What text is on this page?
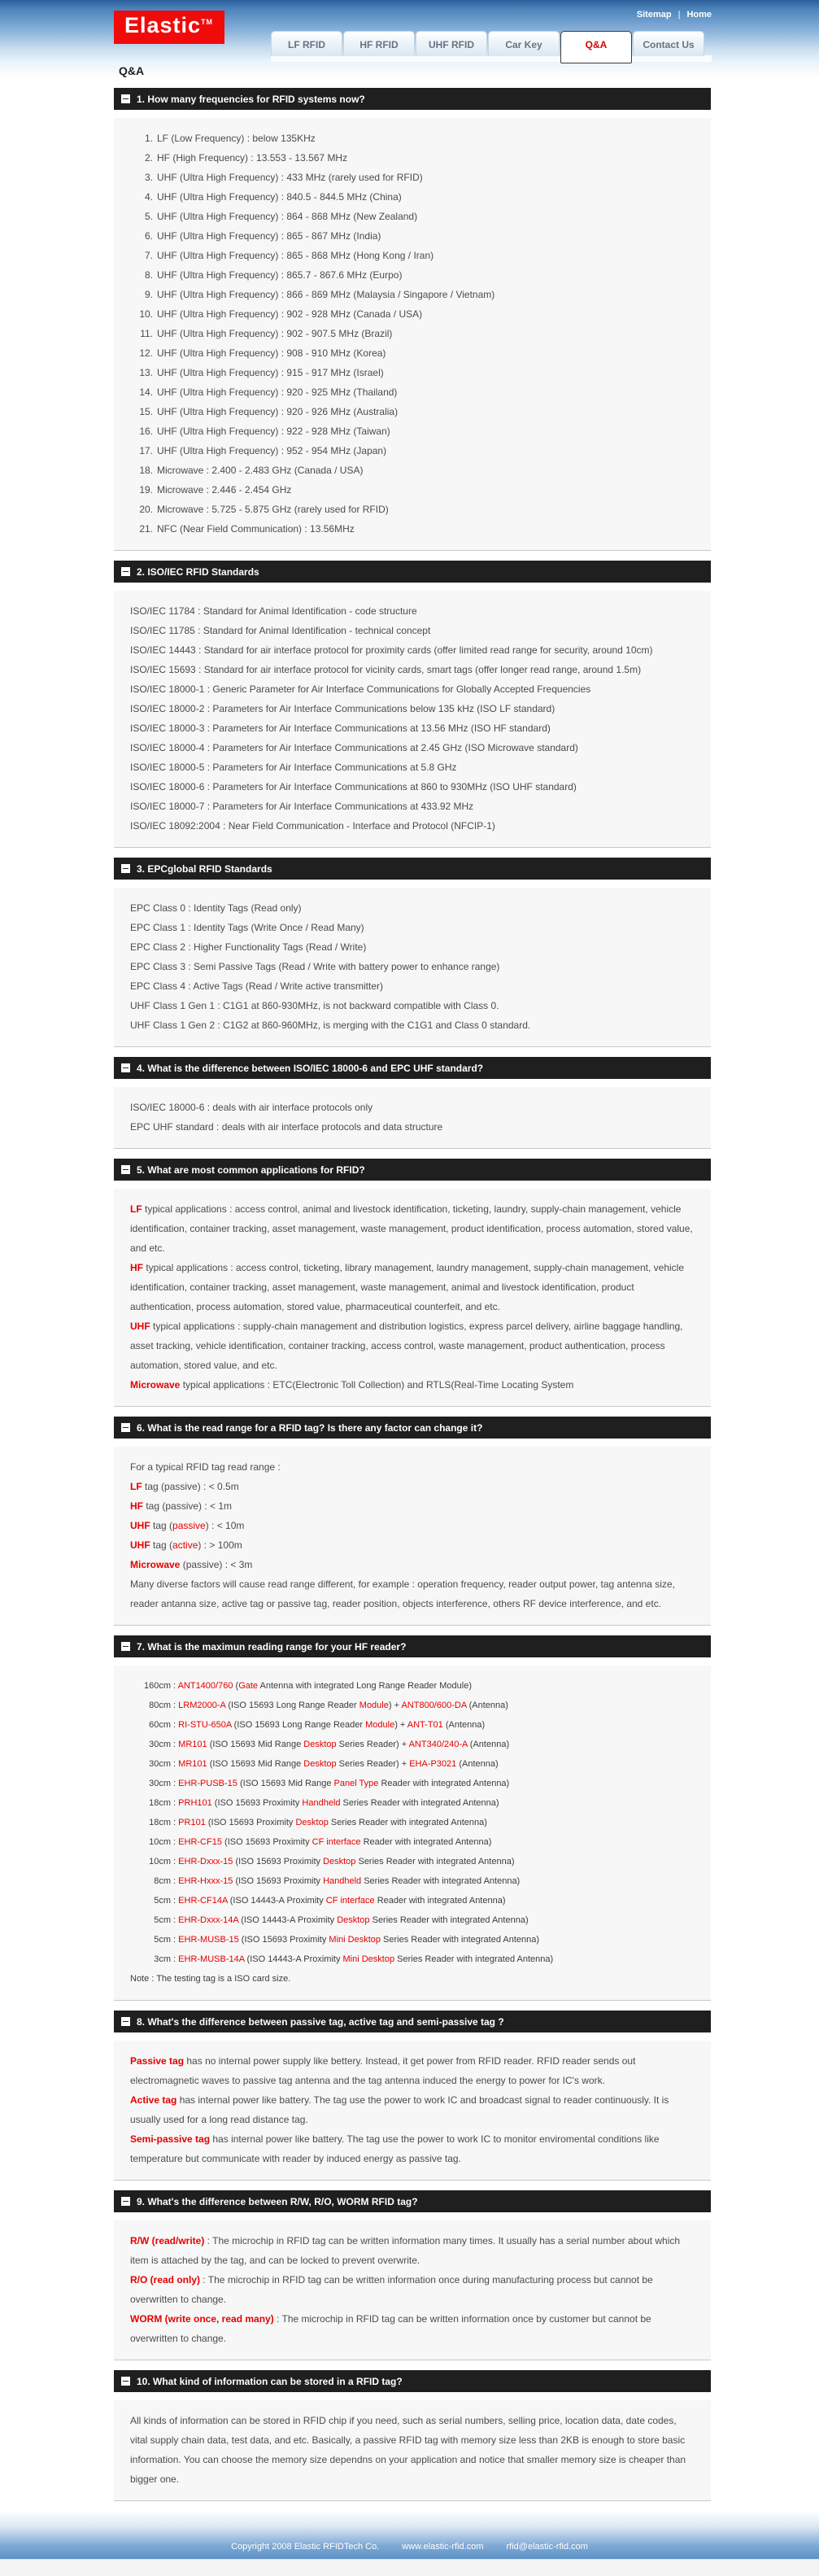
Elastic™
Sitemap | Home
LF RFID	HF RFID	UHF RFID	Car Key	Q&A	Contact Us
Q&A
1. How many frequencies for RFID systems now?
1. LF (Low Frequency) : below 135KHz
2. HF (High Frequency) : 13.553 - 13.567 MHz
3. UHF (Ultra High Frequency) : 433 MHz (rarely used for RFID)
4. UHF (Ultra High Frequency) : 840.5 - 844.5 MHz (China)
5. UHF (Ultra High Frequency) : 864 - 868 MHz (New Zealand)
6. UHF (Ultra High Frequency) : 865 - 867 MHz (India)
7. UHF (Ultra High Frequency) : 865 - 868 MHz (Hong Kong / Iran)
8. UHF (Ultra High Frequency) : 865.7 - 867.6 MHz (Eurpo)
9. UHF (Ultra High Frequency) : 866 - 869 MHz (Malaysia / Singapore / Vietnam)
10. UHF (Ultra High Frequency) : 902 - 928 MHz (Canada / USA)
11. UHF (Ultra High Frequency) : 902 - 907.5 MHz (Brazil)
12. UHF (Ultra High Frequency) : 908 - 910 MHz (Korea)
13. UHF (Ultra High Frequency) : 915 - 917 MHz (Israel)
14. UHF (Ultra High Frequency) : 920 - 925 MHz (Thailand)
15. UHF (Ultra High Frequency) : 920 - 926 MHz (Australia)
16. UHF (Ultra High Frequency) : 922 - 928 MHz (Taiwan)
17. UHF (Ultra High Frequency) : 952 - 954 MHz (Japan)
18. Microwave : 2.400 - 2.483 GHz (Canada / USA)
19. Microwave : 2.446 - 2.454 GHz
20. Microwave : 5.725 - 5.875 GHz (rarely used for RFID)
21. NFC (Near Field Communication) : 13.56MHz
2. ISO/IEC RFID Standards
ISO/IEC 11784 : Standard for Animal Identification - code structure
ISO/IEC 11785 : Standard for Animal Identification - technical concept
ISO/IEC 14443 : Standard for air interface protocol for proximity cards (offer limited read range for security, around 10cm)
ISO/IEC 15693 : Standard for air interface protocol for vicinity cards, smart tags (offer longer read range, around 1.5m)
ISO/IEC 18000-1 : Generic Parameter for Air Interface Communications for Globally Accepted Frequencies
ISO/IEC 18000-2 : Parameters for Air Interface Communications below 135 kHz (ISO LF standard)
ISO/IEC 18000-3 : Parameters for Air Interface Communications at 13.56 MHz (ISO HF standard)
ISO/IEC 18000-4 : Parameters for Air Interface Communications at 2.45 GHz (ISO Microwave standard)
ISO/IEC 18000-5 : Parameters for Air Interface Communications at 5.8 GHz
ISO/IEC 18000-6 : Parameters for Air Interface Communications at 860 to 930MHz (ISO UHF standard)
ISO/IEC 18000-7 : Parameters for Air Interface Communications at 433.92 MHz
ISO/IEC 18092:2004 : Near Field Communication - Interface and Protocol (NFCIP-1)
3. EPCglobal RFID Standards
EPC Class 0 : Identity Tags (Read only)
EPC Class 1 : Identity Tags (Write Once / Read Many)
EPC Class 2 : Higher Functionality Tags (Read / Write)
EPC Class 3 : Semi Passive Tags (Read / Write with battery power to enhance range)
EPC Class 4 : Active Tags (Read / Write active transmitter)
UHF Class 1 Gen 1 : C1G1 at 860-930MHz, is not backward compatible with Class 0.
UHF Class 1 Gen 2 : C1G2 at 860-960MHz, is merging with the C1G1 and Class 0 standard.
4. What is the difference between ISO/IEC 18000-6 and EPC UHF standard?
ISO/IEC 18000-6 : deals with air interface protocols only
EPC UHF standard : deals with air interface protocols and data structure
5. What are most common applications for RFID?
LF typical applications : access control, animal and livestock identification, ticketing, laundry, supply-chain management, vehicle identification, container tracking, asset management, waste management, product identification, process automation, stored value, and etc.
HF typical applications : access control, ticketing, library management, laundry management, supply-chain management, vehicle identification, container tracking, asset management, waste management, animal and livestock identification, product authentication, process automation, stored value, pharmaceutical counterfeit, and etc.
UHF typical applications : supply-chain management and distribution logistics, express parcel delivery, airline baggage handling, asset tracking, vehicle identification, container tracking, access control, waste management, product authentication, process automation, stored value, and etc.
Microwave typical applications : ETC(Electronic Toll Collection) and RTLS(Real-Time Locating System
6. What is the read range for a RFID tag? Is there any factor can change it?
For a typical RFID tag read range :
LF tag (passive) : < 0.5m
HF tag (passive) : < 1m
UHF tag (passive) : < 10m
UHF tag (active) : > 100m
Microwave (passive) : < 3m
Many diverse factors will cause read range different, for example : operation frequency, reader output power, tag antenna size, reader antanna size, active tag or passive tag, reader position, objects interference, others RF device interference, and etc.
7. What is the maximun reading range for your HF reader?
160cm : ANT1400/760 (Gate Antenna with integrated Long Range Reader Module)
80cm : LRM2000-A (ISO 15693 Long Range Reader Module) + ANT800/600-DA (Antenna)
60cm : RI-STU-650A (ISO 15693 Long Range Reader Module) + ANT-T01 (Antenna)
30cm : MR101 (ISO 15693 Mid Range Desktop Series Reader) + ANT340/240-A (Antenna)
30cm : MR101 (ISO 15693 Mid Range Desktop Series Reader) + EHA-P3021 (Antenna)
30cm : EHR-PUSB-15 (ISO 15693 Mid Range Panel Type Reader with integrated Antenna)
18cm : PRH101 (ISO 15693 Proximity Handheld Series Reader with integrated Antenna)
18cm : PR101 (ISO 15693 Proximity Desktop Series Reader with integrated Antenna)
10cm : EHR-CF15 (ISO 15693 Proximity CF interface Reader with integrated Antenna)
10cm : EHR-Dxxx-15 (ISO 15693 Proximity Desktop Series Reader with integrated Antenna)
8cm : EHR-Hxxx-15 (ISO 15693 Proximity Handheld Series Reader with integrated Antenna)
5cm : EHR-CF14A (ISO 14443-A Proximity CF interface Reader with integrated Antenna)
5cm : EHR-Dxxx-14A (ISO 14443-A Proximity Desktop Series Reader with integrated Antenna)
5cm : EHR-MUSB-15 (ISO 15693 Proximity Mini Desktop Series Reader with integrated Antenna)
3cm : EHR-MUSB-14A (ISO 14443-A Proximity Mini Desktop Series Reader with integrated Antenna)
Note : The testing tag is a ISO card size.
8. What's the difference between passive tag, active tag and semi-passive tag ?
Passive tag has no internal power supply like bettery. Instead, it get power from RFID reader. RFID reader sends out electromagnetic waves to passive tag antenna and the tag antenna induced the energy to power for IC's work.
Active tag has internal power like battery. The tag use the power to work IC and broadcast signal to reader continuously. It is usually used for a long read distance tag.
Semi-passive tag has internal power like battery. The tag use the power to work IC to monitor enviromental conditions like temperature but communicate with reader by induced energy as passive tag.
9. What's the difference between R/W, R/O, WORM RFID tag?
R/W (read/write) : The microchip in RFID tag can be written information many times. It usually has a serial number about which item is attached by the tag, and can be locked to prevent overwrite.
R/O (read only) : The microchip in RFID tag can be written information once during manufacturing process but cannot be overwritten to change.
WORM (write once, read many) : The microchip in RFID tag can be written information once by customer but cannot be overwritten to change.
10. What kind of information can be stored in a RFID tag?
All kinds of information can be stored in RFID chip if you need, such as serial numbers, selling price, location data, date codes, vital supply chain data, test data, and etc. Basically, a passive RFID tag with memory size less than 2KB is enough to store basic information. You can choose the memory size dependns on your application and notice that smaller memory size is cheaper than bigger one.
Copyright 2008 Elastic RFIDTech Co.	www.elastic-rfid.com	rfid@elastic-rfid.com
